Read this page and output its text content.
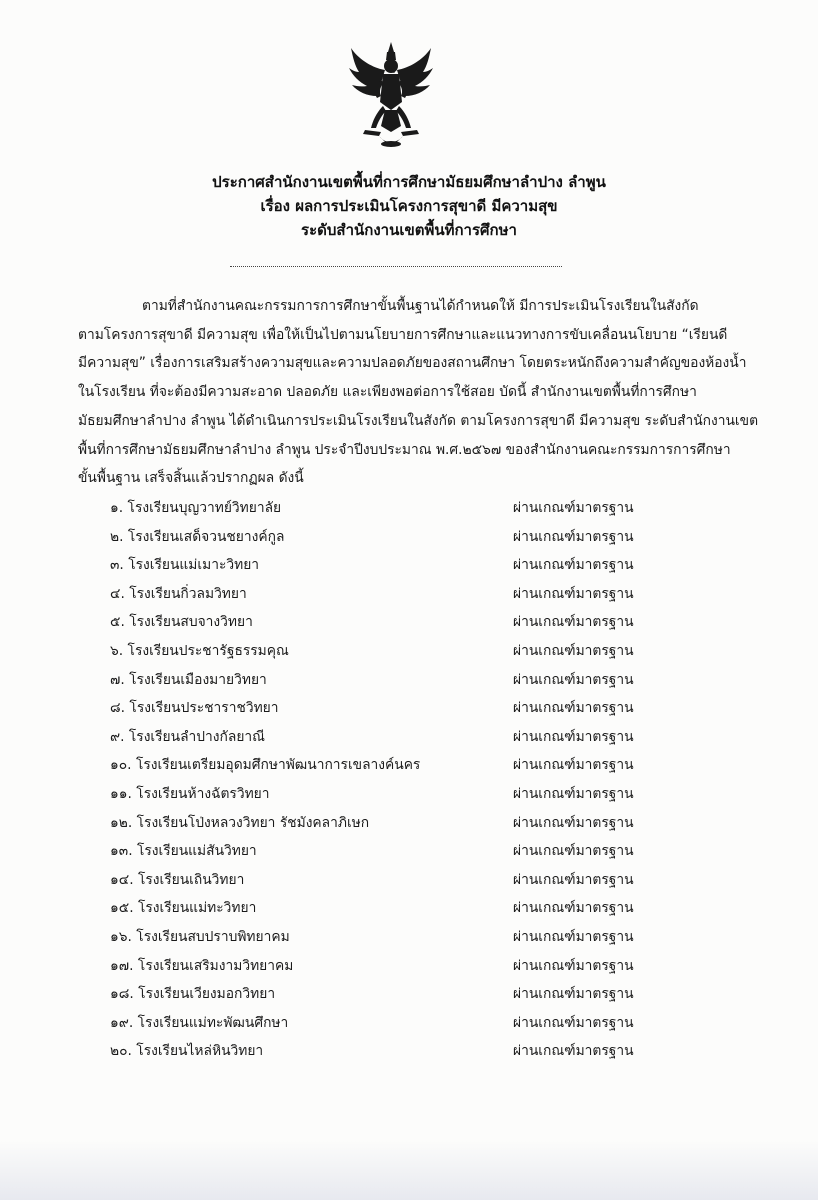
ประกาศสำนักงานเขตพื้นที่การศึกษามัธยมศึกษาลำปาง ลำพูน

เรื่อง ผลการประเมินโครงการสุขาดี มีความสุข

ระดับสำนักงานเขตพื้นที่การศึกษา

ตามที่สำนักงานคณะกรรมการการศึกษาขั้นพื้นฐานได้กำหนดให้ มีการประเมินโรงเรียนในสังกัด
ตามโครงการสุขาดี มีความสุข เพื่อให้เป็นไปตามนโยบายการศึกษาและแนวทางการขับเคลื่อนนโยบาย “เรียนดี
มีความสุข” เรื่องการเสริมสร้างความสุขและความปลอดภัยของสถานศึกษา โดยตระหนักถึงความสำคัญของห้องน้ำ
ในโรงเรียน ที่จะต้องมีความสะอาด ปลอดภัย และเพียงพอต่อการใช้สอย บัดนี้ สำนักงานเขตพื้นที่การศึกษา
มัธยมศึกษาลำปาง ลำพูน ได้ดำเนินการประเมินโรงเรียนในสังกัด ตามโครงการสุขาดี มีความสุข ระดับสำนักงานเขต
พื้นที่การศึกษามัธยมศึกษาลำปาง ลำพูน ประจำปีงบประมาณ พ.ศ.๒๕๖๗ ของสำนักงานคณะกรรมการการศึกษา
ขั้นพื้นฐาน เสร็จสิ้นแล้วปรากฏผล ดังนี้
๑. โรงเรียนบุญวาทย์วิทยาลัย	ผ่านเกณฑ์มาตรฐาน
๒. โรงเรียนเสด็จวนชยางค์กูล	ผ่านเกณฑ์มาตรฐาน
๓. โรงเรียนแม่เมาะวิทยา	ผ่านเกณฑ์มาตรฐาน
๔. โรงเรียนกิ่วลมวิทยา	ผ่านเกณฑ์มาตรฐาน
๕. โรงเรียนสบจางวิทยา	ผ่านเกณฑ์มาตรฐาน
๖. โรงเรียนประชารัฐธรรมคุณ	ผ่านเกณฑ์มาตรฐาน
๗. โรงเรียนเมืองมายวิทยา	ผ่านเกณฑ์มาตรฐาน
๘. โรงเรียนประชาราชวิทยา	ผ่านเกณฑ์มาตรฐาน
๙. โรงเรียนลำปางกัลยาณี	ผ่านเกณฑ์มาตรฐาน
๑๐. โรงเรียนเตรียมอุดมศึกษาพัฒนาการเขลางค์นคร	ผ่านเกณฑ์มาตรฐาน
๑๑. โรงเรียนห้างฉัตรวิทยา	ผ่านเกณฑ์มาตรฐาน
๑๒. โรงเรียนโป่งหลวงวิทยา รัชมังคลาภิเษก	ผ่านเกณฑ์มาตรฐาน
๑๓. โรงเรียนแม่สันวิทยา	ผ่านเกณฑ์มาตรฐาน
๑๔. โรงเรียนเถินวิทยา	ผ่านเกณฑ์มาตรฐาน
๑๕. โรงเรียนแม่ทะวิทยา	ผ่านเกณฑ์มาตรฐาน
๑๖. โรงเรียนสบปราบพิทยาคม	ผ่านเกณฑ์มาตรฐาน
๑๗. โรงเรียนเสริมงามวิทยาคม	ผ่านเกณฑ์มาตรฐาน
๑๘. โรงเรียนเวียงมอกวิทยา	ผ่านเกณฑ์มาตรฐาน
๑๙. โรงเรียนแม่ทะพัฒนศึกษา	ผ่านเกณฑ์มาตรฐาน
๒๐. โรงเรียนไหล่หินวิทยา	ผ่านเกณฑ์มาตรฐาน
